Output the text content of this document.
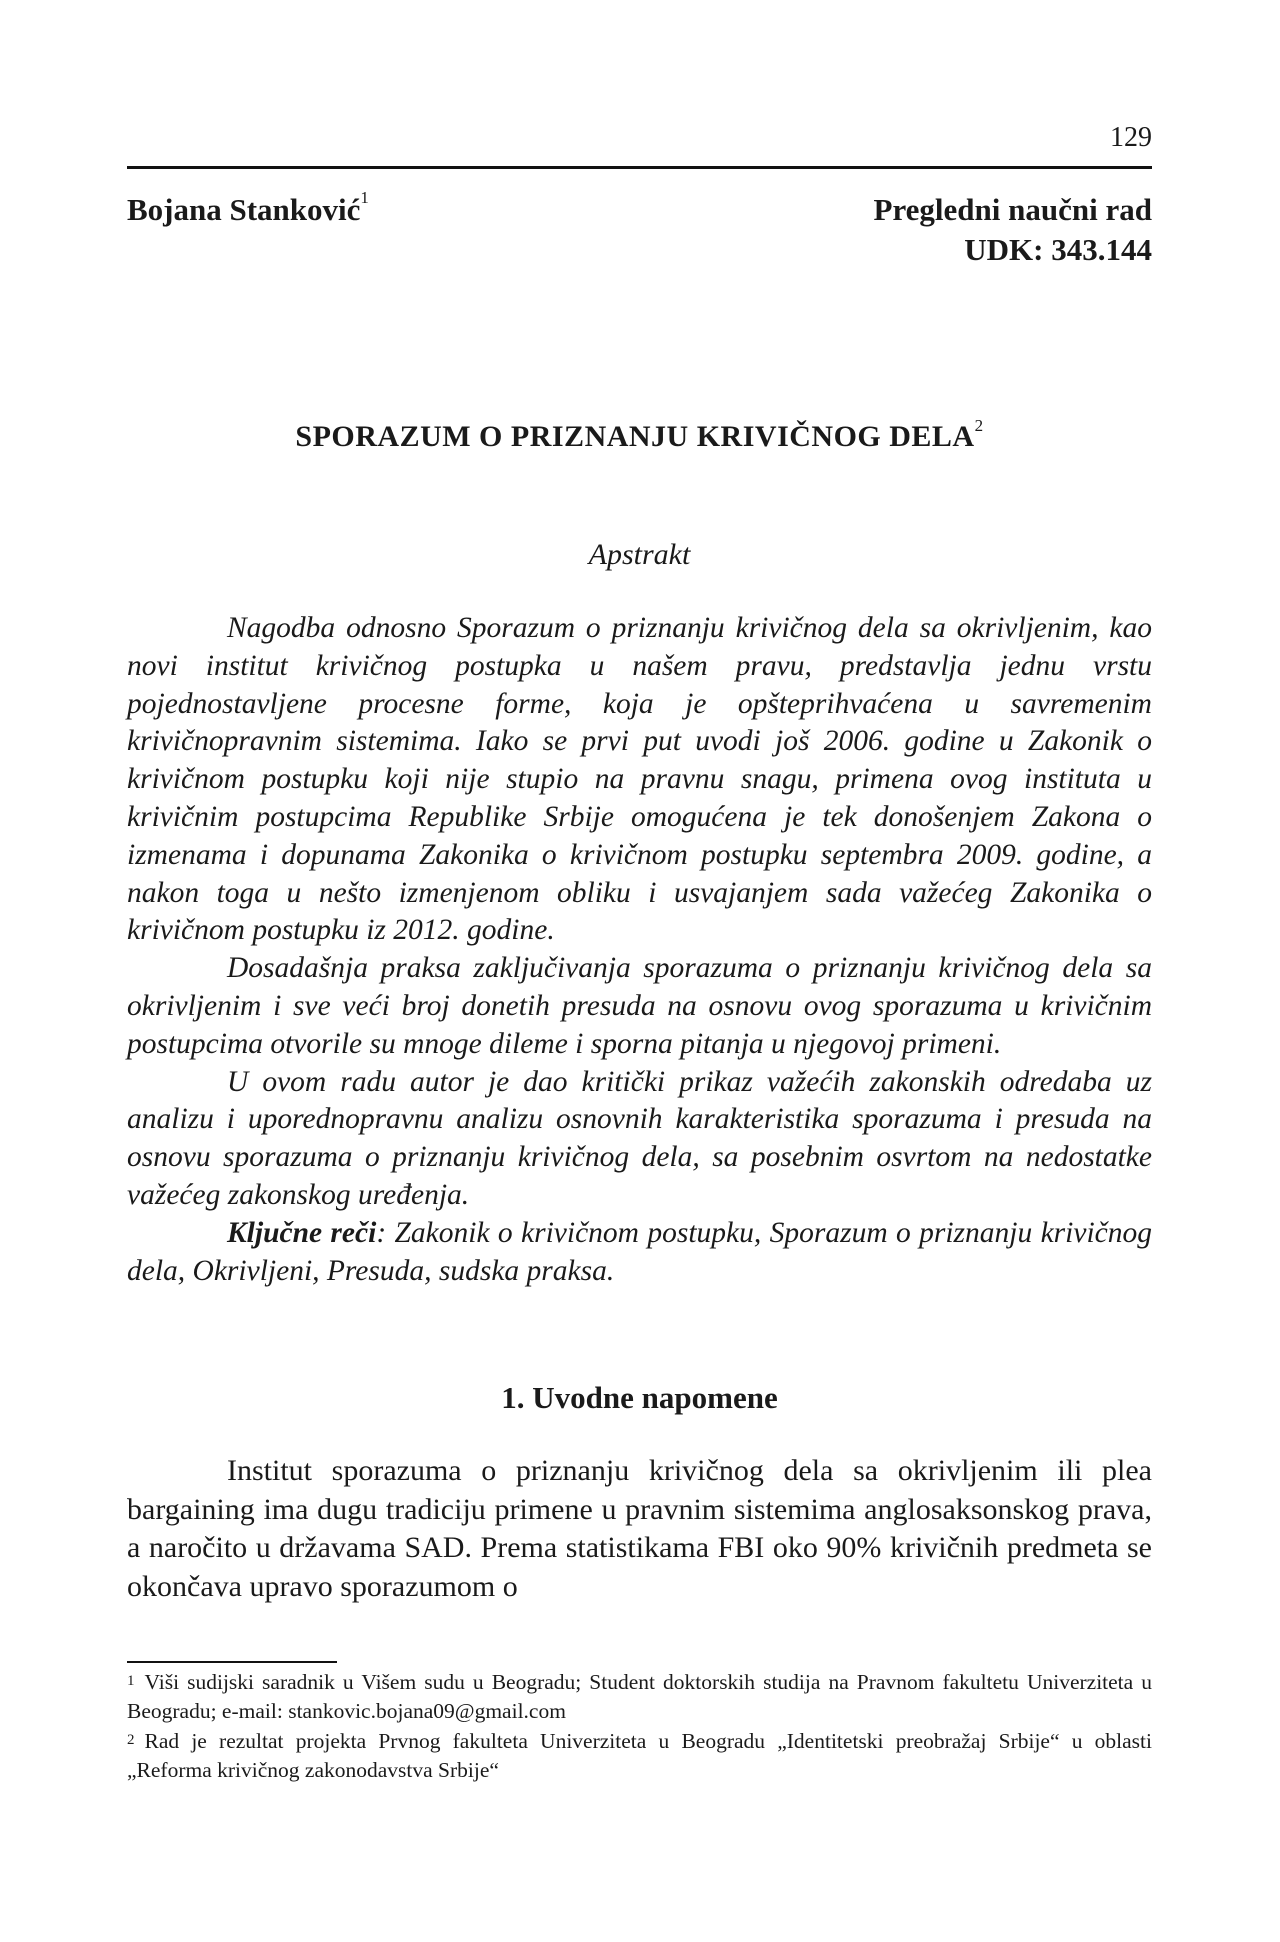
129
Bojana Stanković$^1$	Pregledni naučni rad
UDK: 343.144
SPORAZUM O PRIZNANJU KRIVIČNOG DELA$^2$
Apstrakt

Nagodba odnosno Sporazum o priznanju krivičnog dela sa okrivljenim, kao novi institut krivičnog postupka u našem pravu, predstavlja jednu vrstu pojednostavljene procesne forme, koja je opšteprihvaćena u savremenim krivičnopravnim sistemima. Iako se prvi put uvodi još 2006. godine u Zakonik o krivičnom postupku koji nije stupio na pravnu snagu, primena ovog instituta u krivičnim postupcima Republike Srbije omogućena je tek donošenjem Zakona o izmenama i dopunama Zakonika o krivičnom postupku septembra 2009. godine, a nakon toga u nešto izmenjenom obliku i usvajanjem sada važećeg Zakonika o krivičnom postupku iz 2012. godine.

Dosadašnja praksa zaključivanja sporazuma o priznanju krivičnog dela sa okrivljenim i sve veći broj donetih presuda na osnovu ovog sporazuma u krivičnim postupcima otvorile su mnoge dileme i sporna pitanja u njegovoj primeni.

U ovom radu autor je dao kritički prikaz važećih zakonskih odredaba uz analizu i uporednopravnu analizu osnovnih karakteristika sporazuma i presuda na osnovu sporazuma o priznanju krivičnog dela, sa posebnim osvrtom na nedostatke važećeg zakonskog uređenja.

Ključne reči: Zakonik o krivičnom postupku, Sporazum o priznanju krivičnog dela, Okrivljeni, Presuda, sudska praksa.

1. Uvodne napomene

Institut sporazuma o priznanju krivičnog dela sa okrivljenim ili plea bargaining ima dugu tradiciju primene u pravnim sistemima anglosaksonskog prava, a naročito u državama SAD. Prema statistikama FBI oko 90% krivičnih predmeta se okončava upravo sporazumom o

$^1$ Viši sudijski saradnik u Višem sudu u Beogradu; Student doktorskih studija na Pravnom fakultetu Univerziteta u Beogradu; e-mail: stankovic.bojana09@gmail.com

$^2$ Rad je rezultat projekta Prvnog fakulteta Univerziteta u Beogradu „Identitetski preobražaj Srbije“ u oblasti „Reforma krivičnog zakonodavstva Srbije“
